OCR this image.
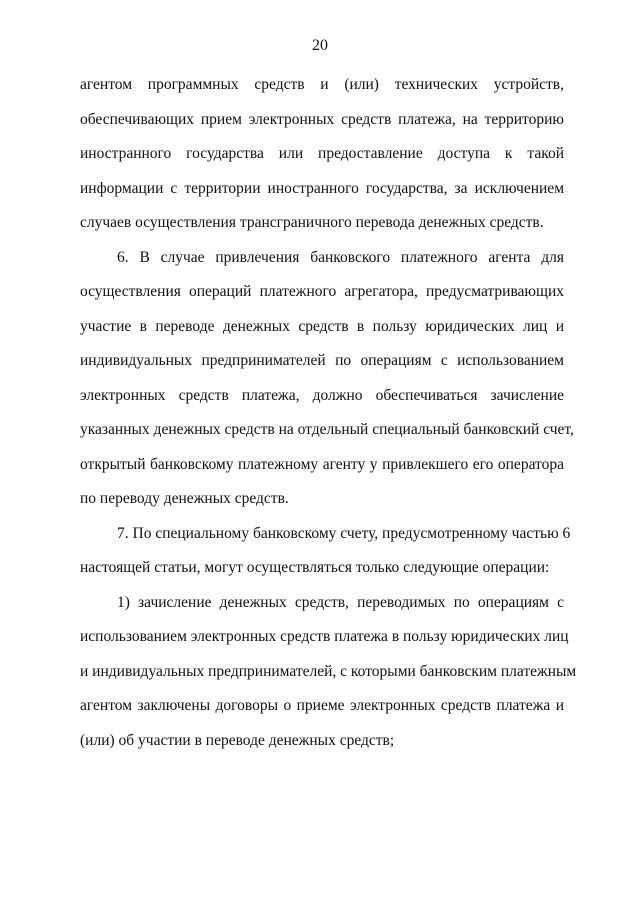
20
агентом программных средств и (или) технических устройств,
обеспечивающих прием электронных средств платежа, на территорию
иностранного государства или предоставление доступа к такой
информации с территории иностранного государства, за исключением
случаев осуществления трансграничного перевода денежных средств.
6. В случае привлечения банковского платежного агента для
осуществления операций платежного агрегатора, предусматривающих
участие в переводе денежных средств в пользу юридических лиц и
индивидуальных предпринимателей по операциям с использованием
электронных средств платежа, должно обеспечиваться зачисление
указанных денежных средств на отдельный специальный банковский счет,
открытый банковскому платежному агенту у привлекшего его оператора
по переводу денежных средств.
7. По специальному банковскому счету, предусмотренному частью 6
настоящей статьи, могут осуществляться только следующие операции:
1) зачисление денежных средств, переводимых по операциям с
использованием электронных средств платежа в пользу юридических лиц
и индивидуальных предпринимателей, с которыми банковским платежным
агентом заключены договоры о приеме электронных средств платежа и
(или) об участии в переводе денежных средств;
